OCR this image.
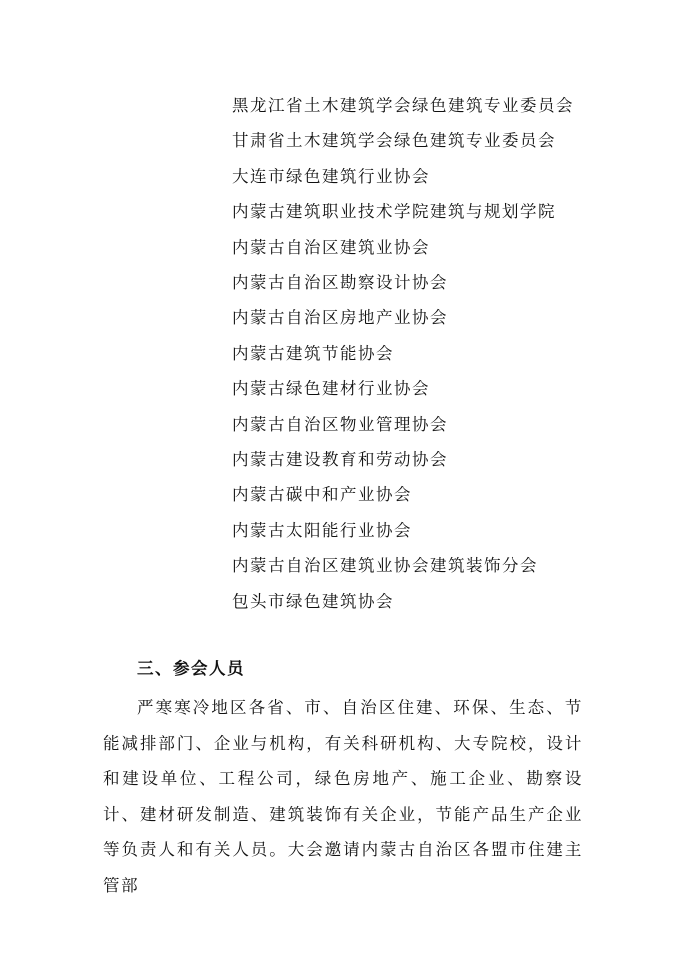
黑龙江省土木建筑学会绿色建筑专业委员会
甘肃省土木建筑学会绿色建筑专业委员会
大连市绿色建筑行业协会
内蒙古建筑职业技术学院建筑与规划学院
内蒙古自治区建筑业协会
内蒙古自治区勘察设计协会
内蒙古自治区房地产业协会
内蒙古建筑节能协会
内蒙古绿色建材行业协会
内蒙古自治区物业管理协会
内蒙古建设教育和劳动协会
内蒙古碳中和产业协会
内蒙古太阳能行业协会
内蒙古自治区建筑业协会建筑装饰分会
包头市绿色建筑协会
三、参会人员

严寒寒冷地区各省、市、自治区住建、环保、生态、节能减排部门、企业与机构，有关科研机构、大专院校，设计和建设单位、工程公司，绿色房地产、施工企业、勘察设计、建材研发制造、建筑装饰有关企业，节能产品生产企业等负责人和有关人员。大会邀请内蒙古自治区各盟市住建主管部
